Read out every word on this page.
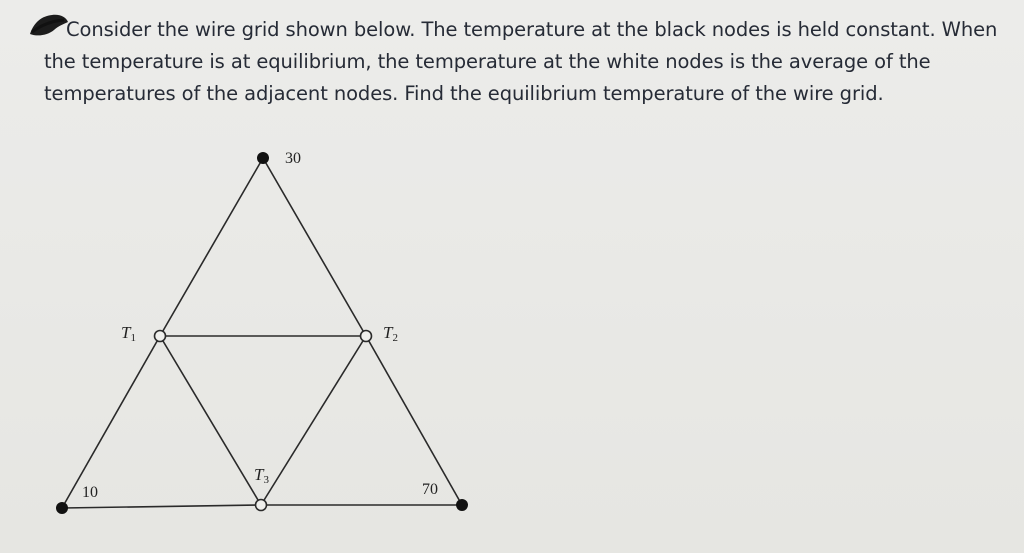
Consider the wire grid shown below. The temperature at the black nodes is held constant. When
the temperature is at equilibrium, the temperature at the white nodes is the average of the
temperatures of the adjacent nodes. Find the equilibrium temperature of the wire grid.
30
10	70
T1	T2
T3
